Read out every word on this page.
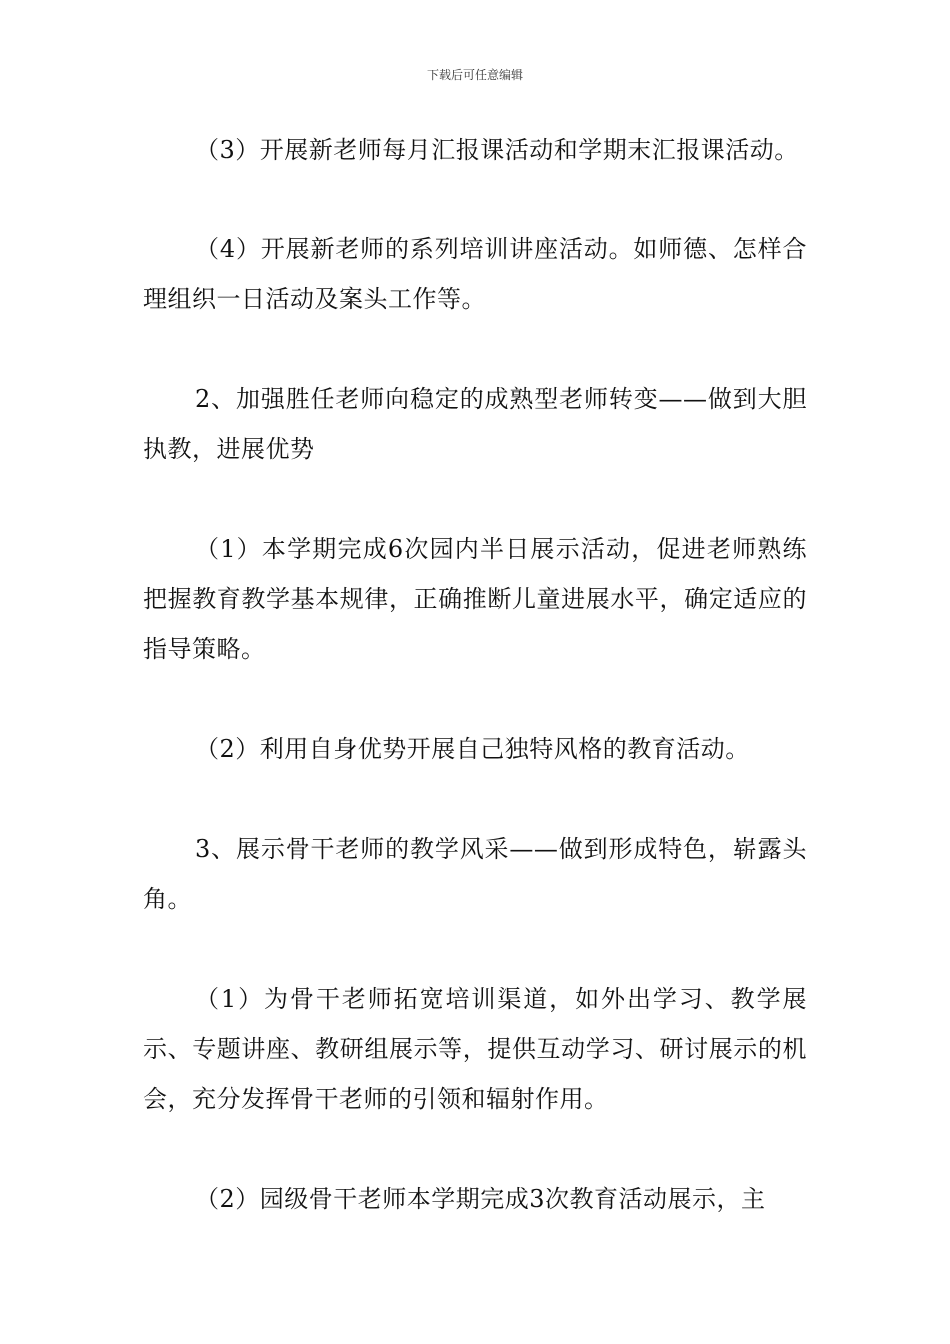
下载后可任意编辑

（3）开展新老师每月汇报课活动和学期末汇报课活动。

（4）开展新老师的系列培训讲座活动。如师德、怎样合理组织一日活动及案头工作等。

2、加强胜任老师向稳定的成熟型老师转变——做到大胆执教，进展优势

（1）本学期完成6次园内半日展示活动，促进老师熟练把握教育教学基本规律，正确推断儿童进展水平，确定适应的指导策略。

（2）利用自身优势开展自己独特风格的教育活动。

3、展示骨干老师的教学风采——做到形成特色，崭露头角。

（1）为骨干老师拓宽培训渠道，如外出学习、教学展示、专题讲座、教研组展示等，提供互动学习、研讨展示的机会，充分发挥骨干老师的引领和辐射作用。

（2）园级骨干老师本学期完成3次教育活动展示，主
